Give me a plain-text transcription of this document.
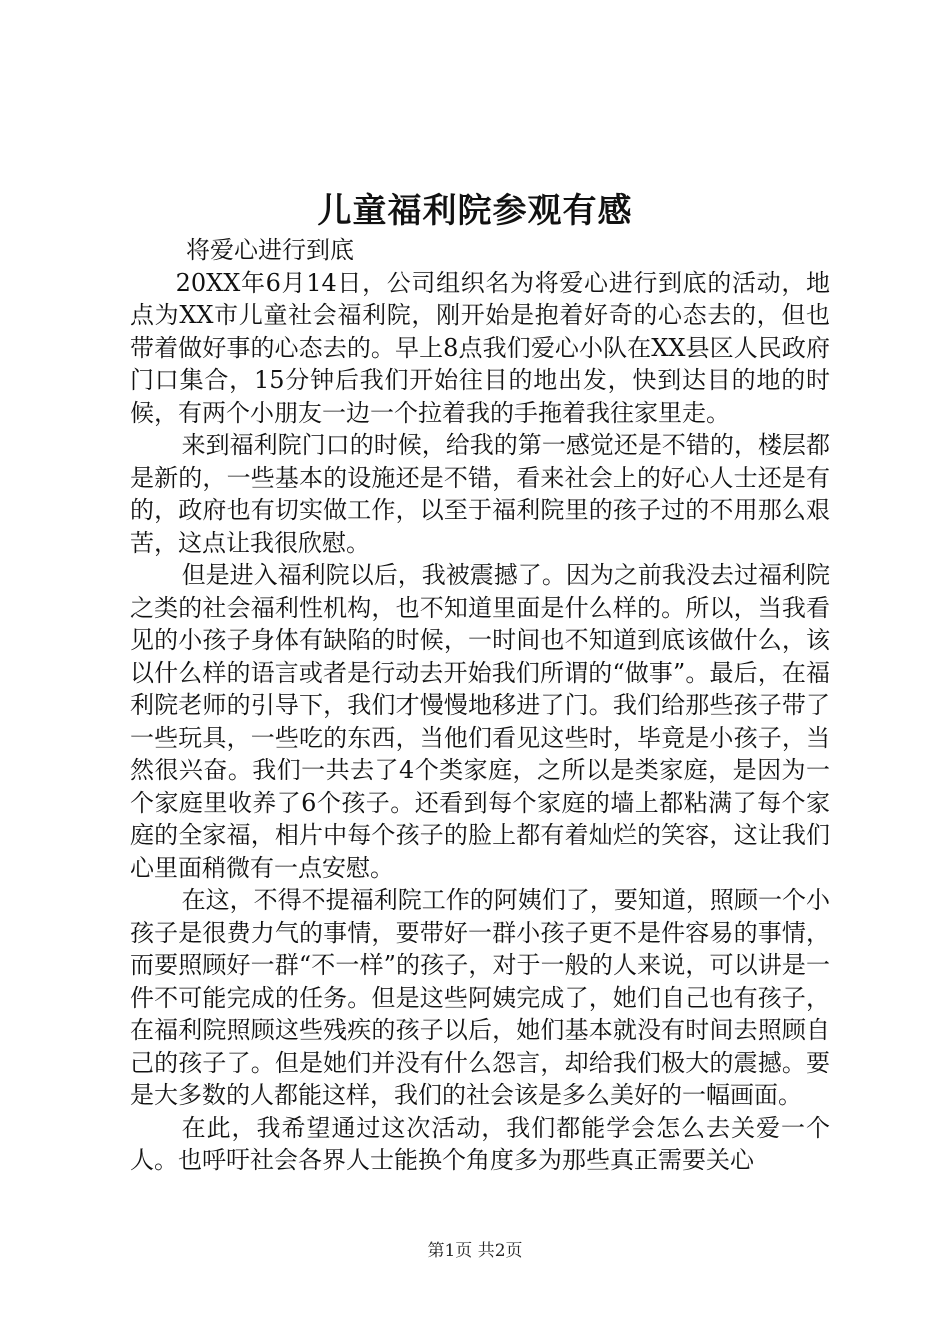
儿童福利院参观有感

将爱心进行到底

20XX年6月14日，公司组织名为将爱心进行到底的活动，地点为XX市儿童社会福利院，刚开始是抱着好奇的心态去的，但也带着做好事的心态去的。早上8点我们爱心小队在XX县区人民政府门口集合，15分钟后我们开始往目的地出发，快到达目的地的时候，有两个小朋友一边一个拉着我的手拖着我往家里走。

来到福利院门口的时候，给我的第一感觉还是不错的，楼层都是新的，一些基本的设施还是不错，看来社会上的好心人士还是有的，政府也有切实做工作，以至于福利院里的孩子过的不用那么艰苦，这点让我很欣慰。

但是进入福利院以后，我被震撼了。因为之前我没去过福利院之类的社会福利性机构，也不知道里面是什么样的。所以，当我看见的小孩子身体有缺陷的时候，一时间也不知道到底该做什么，该以什么样的语言或者是行动去开始我们所谓的“做事”。最后，在福利院老师的引导下，我们才慢慢地移进了门。我们给那些孩子带了一些玩具，一些吃的东西，当他们看见这些时，毕竟是小孩子，当然很兴奋。我们一共去了4个类家庭，之所以是类家庭，是因为一个家庭里收养了6个孩子。还看到每个家庭的墙上都粘满了每个家庭的全家福，相片中每个孩子的脸上都有着灿烂的笑容，这让我们心里面稍微有一点安慰。

在这，不得不提福利院工作的阿姨们了，要知道，照顾一个小孩子是很费力气的事情，要带好一群小孩子更不是件容易的事情，而要照顾好一群“不一样”的孩子，对于一般的人来说，可以讲是一件不可能完成的任务。但是这些阿姨完成了，她们自己也有孩子，在福利院照顾这些残疾的孩子以后，她们基本就没有时间去照顾自己的孩子了。但是她们并没有什么怨言，却给我们极大的震撼。要是大多数的人都能这样，我们的社会该是多么美好的一幅画面。

在此，我希望通过这次活动，我们都能学会怎么去关爱一个人。也呼吁社会各界人士能换个角度多为那些真正需要关心

第1页 共2页
